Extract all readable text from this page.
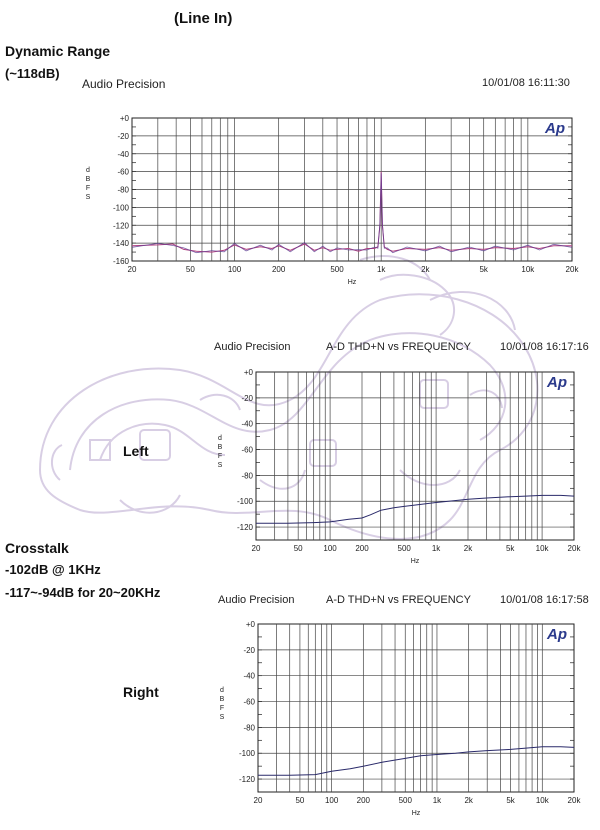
(Line In)
Dynamic Range
(~118dB)
Left
Crosstalk
-102dB @ 1KHz
-117~-94dB for 20~20KHz
Right
Audio Precision	10/01/08 16:11:30
Audio Precision	A-D THD+N vs FREQUENCY	10/01/08 16:17:16
Audio Precision	A-D THD+N vs FREQUENCY	10/01/08 16:17:58
+0
-20
-40
-60
-80
-100
-120
-140
-160
20	50	100	200	500	1k	2k	5k	10k	20k
Hz
d B F S
Ap
+0
-20
-40
-60
-80
-100
-120
20	50	100 200	500	1k	2k	5k	10k 20k
Hz
d B F S
Ap
+0
-20
-40
-60
-80
-100
-120
20	50	100 200	500	1k	2k	5k	10k 20k
Hz
d B F S
Ap
